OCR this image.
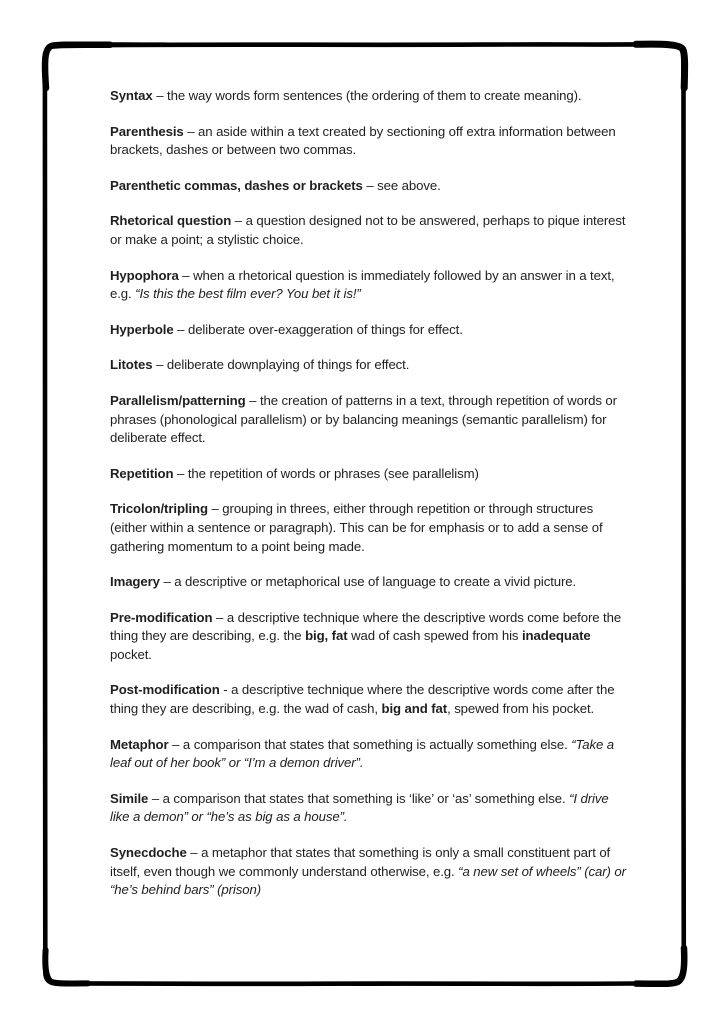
Syntax – the way words form sentences (the ordering of them to create meaning).

Parenthesis – an aside within a text created by sectioning off extra information between brackets, dashes or between two commas.

Parenthetic commas, dashes or brackets – see above.

Rhetorical question – a question designed not to be answered, perhaps to pique interest or make a point; a stylistic choice.

Hypophora – when a rhetorical question is immediately followed by an answer in a text, e.g. “Is this the best film ever? You bet it is!”

Hyperbole – deliberate over-exaggeration of things for effect.

Litotes – deliberate downplaying of things for effect.

Parallelism/patterning – the creation of patterns in a text, through repetition of words or phrases (phonological parallelism) or by balancing meanings (semantic parallelism) for deliberate effect.

Repetition – the repetition of words or phrases (see parallelism)

Tricolon/tripling – grouping in threes, either through repetition or through structures (either within a sentence or paragraph). This can be for emphasis or to add a sense of gathering momentum to a point being made.

Imagery – a descriptive or metaphorical use of language to create a vivid picture.

Pre-modification – a descriptive technique where the descriptive words come before the thing they are describing, e.g. the big, fat wad of cash spewed from his inadequate pocket.

Post-modification - a descriptive technique where the descriptive words come after the thing they are describing, e.g. the wad of cash, big and fat, spewed from his pocket.

Metaphor – a comparison that states that something is actually something else. “Take a leaf out of her book” or “I’m a demon driver”.

Simile – a comparison that states that something is ‘like’ or ‘as’ something else. “I drive like a demon” or “he’s as big as a house”.

Synecdoche – a metaphor that states that something is only a small constituent part of itself, even though we commonly understand otherwise, e.g. “a new set of wheels” (car) or “he’s behind bars” (prison)
